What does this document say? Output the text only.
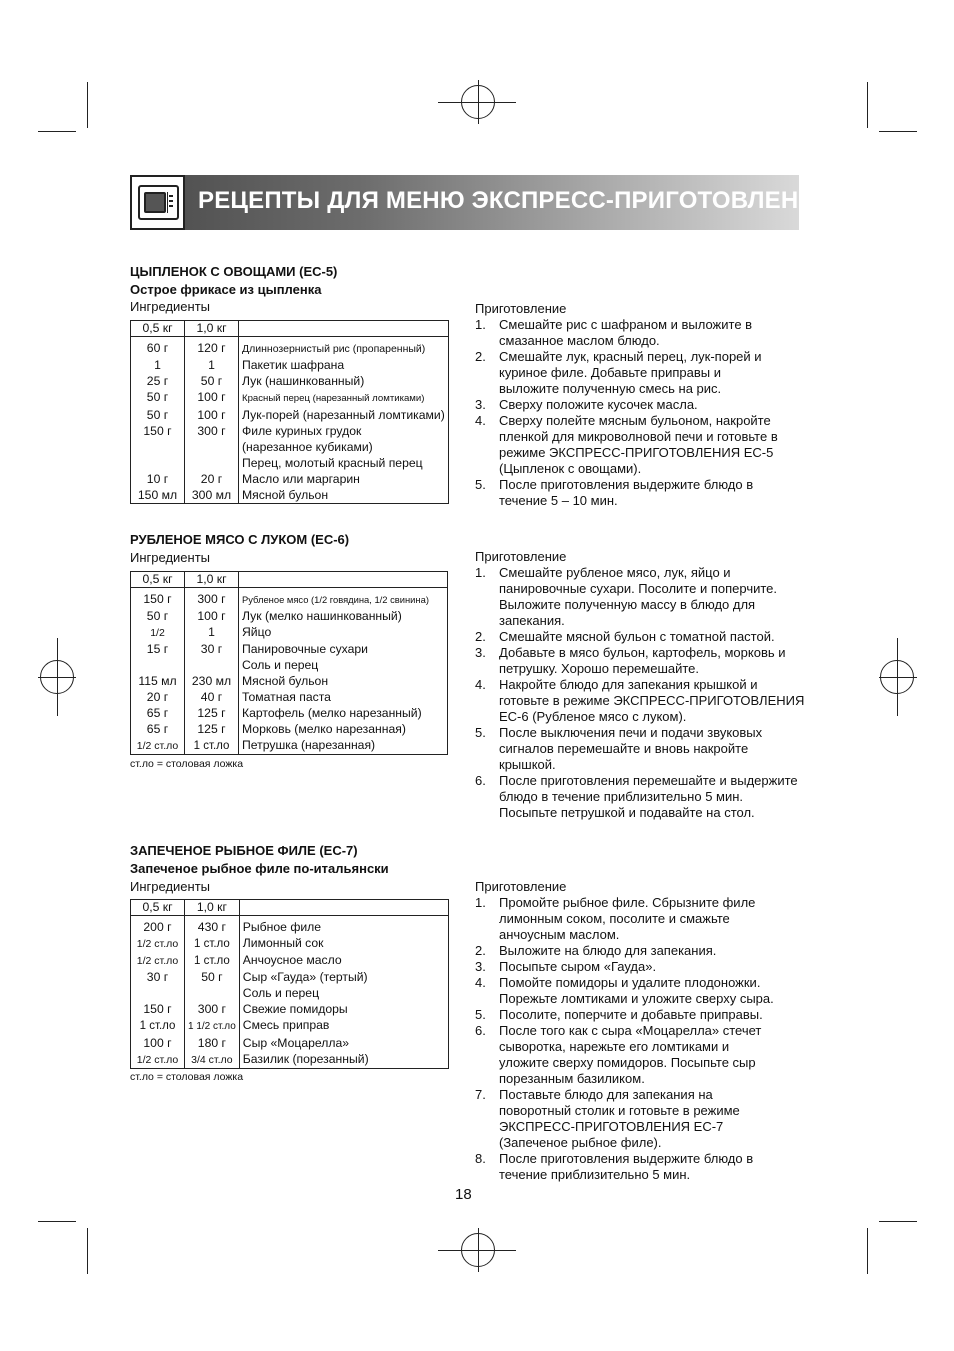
РЕЦЕПТЫ ДЛЯ МЕНЮ ЭКСПРЕСС-ПРИГОТОВЛЕНИЯ
ЦЫПЛЕНОК С ОВОЩАМИ (EC-5)
Острое фрикасе из цыпленка
Ингредиенты
0,5 кг	1,0 кг	

60 г	120 г	Длиннозернистый рис (пропаренный)
1	1	Пакетик шафрана
25 г	50 г	Лук (нашинкованный)
50 г	100 г	Красный перец (нарезанный ломтиками)
50 г	100 г	Лук-порей (нарезанный ломтиками)
150 г	300 г	Филе куриных грудок
		(нарезанное кубиками)
		Перец, молотый красный перец
10 г	20 г	Масло или маргарин
150 мл	300 мл	Мясной бульон
Приготовление
1. Смешайте рис с шафраном и выложите в
смазанное маслом блюдо.
2. Смешайте лук, красный перец, лук-порей и
куриное филе. Добавьте приправы и
выложите полученную смесь на рис.
3. Сверху положите кусочек масла.
4. Сверху полейте мясным бульоном, накройте
пленкой для микроволновой печи и готовьте в
режиме ЭКСПРЕСС-ПРИГОТОВЛЕНИЯ EC-5
(Цыпленок с овощами).
5. После приготовления выдержите блюдо в
течение 5 – 10 мин.
РУБЛЕНОЕ МЯСО С ЛУКОМ (EC-6)
Ингредиенты
0,5 кг	1,0 кг	

150 г	300 г	Рубленое мясо (1/2 говядина, 1/2 свинина)
50 г	100 г	Лук (мелко нашинкованный)
1/2	1	Яйцо
15 г	30 г	Панировочные сухари
		Соль и перец
115 мл	230 мл	Мясной бульон
20 г	40 г	Томатная паста
65 г	125 г	Картофель (мелко нарезанный)
65 г	125 г	Морковь (мелко нарезанная)
1/2 ст.ло	1 ст.ло	Петрушка (нарезанная)
ст.ло = столовая ложка
Приготовление
1. Смешайте рубленое мясо, лук, яйцо и
панировочные сухари. Посолите и поперчите.
Выложите полученную массу в блюдо для
запекания.
2. Смешайте мясной бульон с томатной пастой.
3. Добавьте в мясо бульон, картофель, морковь и
петрушку. Хорошо перемешайте.
4. Накройте блюдо для запекания крышкой и
готовьте в режиме ЭКСПРЕСС-ПРИГОТОВЛЕНИЯ
EC-6 (Рубленое мясо с луком).
5. После выключения печи и подачи звуковых
сигналов перемешайте и вновь накройте
крышкой.
6. После приготовления перемешайте и выдержите
блюдо в течение приблизительно 5 мин.
Посыпьте петрушкой и подавайте на стол.
ЗАПЕЧЕНОЕ РЫБНОЕ ФИЛЕ (EC-7)
Запеченое рыбное филе по-итальянски
Ингредиенты
0,5 кг	1,0 кг	

200 г	430 г	Рыбное филе
1/2 ст.ло	1 ст.ло	Лимонный сок
1/2 ст.ло	1 ст.ло	Анчоусное масло
30 г	50 г	Сыр «Гауда» (тертый)
		Соль и перец
150 г	300 г	Свежие помидоры
1 ст.ло	1 1/2 ст.ло	Смесь приправ
100 г	180 г	Сыр «Моцарелла»
1/2 ст.ло	3/4 ст.ло	Базилик (порезанный)
ст.ло = столовая ложка
Приготовление
1. Промойте рыбное филе. Сбрызните филе
лимонным соком, посолите и смажьте
анчоусным маслом.
2. Выложите на блюдо для запекания.
3. Посыпьте сыром «Гауда».
4. Помойте помидоры и удалите плодоножки.
Порежьте ломтиками и уложите сверху сыра.
5. Посолите, поперчите и добавьте приправы.
6. После того как с сыра «Моцарелла» стечет
сыворотка, нарежьте его ломтиками и
уложите сверху помидоров. Посыпьте сыр
порезанным базиликом.
7. Поставьте блюдо для запекания на
поворотный столик и готовьте в режиме
ЭКСПРЕСС-ПРИГОТОВЛЕНИЯ EC-7
(Запеченое рыбное филе).
8. После приготовления выдержите блюдо в
течение приблизительно 5 мин.
18
